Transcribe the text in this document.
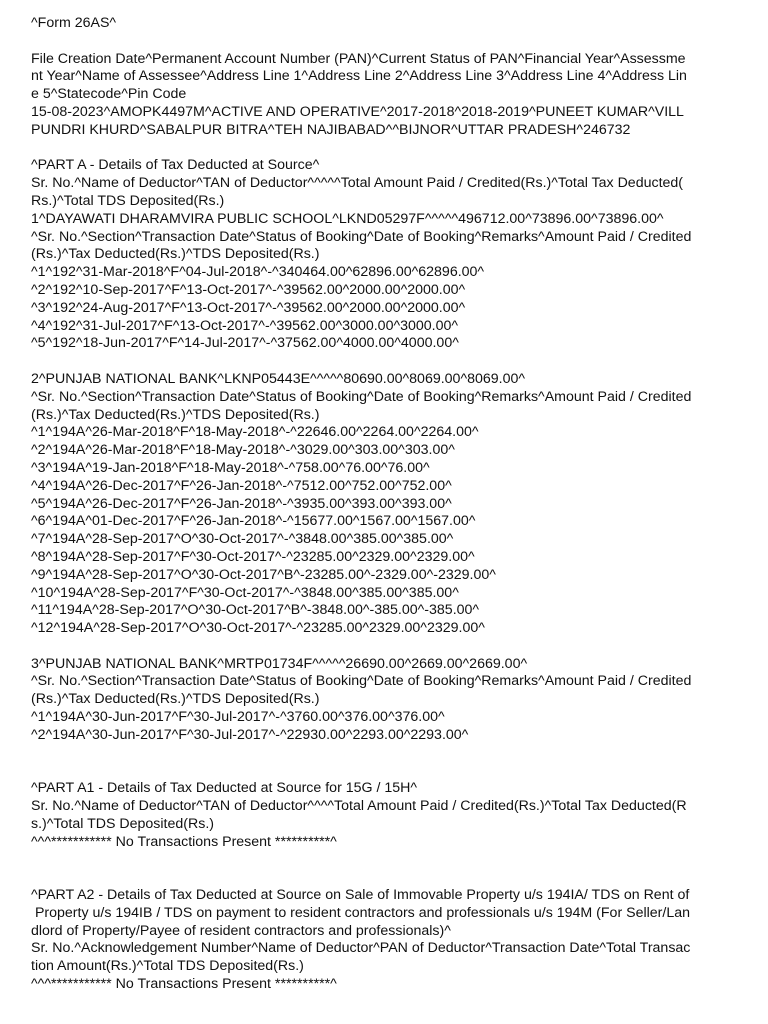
^Form 26AS^
File Creation Date^Permanent Account Number (PAN)^Current Status of PAN^Financial Year^Assessme
nt Year^Name of Assessee^Address Line 1^Address Line 2^Address Line 3^Address Line 4^Address Lin
e 5^Statecode^Pin Code
15-08-2023^AMOPK4497M^ACTIVE AND OPERATIVE^2017-2018^2018-2019^PUNEET KUMAR^VILL
PUNDRI KHURD^SABALPUR BITRA^TEH NAJIBABAD^^BIJNOR^UTTAR PRADESH^246732
^PART A - Details of Tax Deducted at Source^
Sr. No.^Name of Deductor^TAN of Deductor^^^^^Total Amount Paid / Credited(Rs.)^Total Tax Deducted(
Rs.)^Total TDS Deposited(Rs.)
1^DAYAWATI DHARAMVIRA PUBLIC SCHOOL^LKND05297F^^^^^496712.00^73896.00^73896.00^
^Sr. No.^Section^Transaction Date^Status of Booking^Date of Booking^Remarks^Amount Paid / Credited
(Rs.)^Tax Deducted(Rs.)^TDS Deposited(Rs.)
^1^192^31-Mar-2018^F^04-Jul-2018^-^340464.00^62896.00^62896.00^
^2^192^10-Sep-2017^F^13-Oct-2017^-^39562.00^2000.00^2000.00^
^3^192^24-Aug-2017^F^13-Oct-2017^-^39562.00^2000.00^2000.00^
^4^192^31-Jul-2017^F^13-Oct-2017^-^39562.00^3000.00^3000.00^
^5^192^18-Jun-2017^F^14-Jul-2017^-^37562.00^4000.00^4000.00^
2^PUNJAB NATIONAL BANK^LKNP05443E^^^^^80690.00^8069.00^8069.00^
^Sr. No.^Section^Transaction Date^Status of Booking^Date of Booking^Remarks^Amount Paid / Credited
(Rs.)^Tax Deducted(Rs.)^TDS Deposited(Rs.)
^1^194A^26-Mar-2018^F^18-May-2018^-^22646.00^2264.00^2264.00^
^2^194A^26-Mar-2018^F^18-May-2018^-^3029.00^303.00^303.00^
^3^194A^19-Jan-2018^F^18-May-2018^-^758.00^76.00^76.00^
^4^194A^26-Dec-2017^F^26-Jan-2018^-^7512.00^752.00^752.00^
^5^194A^26-Dec-2017^F^26-Jan-2018^-^3935.00^393.00^393.00^
^6^194A^01-Dec-2017^F^26-Jan-2018^-^15677.00^1567.00^1567.00^
^7^194A^28-Sep-2017^O^30-Oct-2017^-^3848.00^385.00^385.00^
^8^194A^28-Sep-2017^F^30-Oct-2017^-^23285.00^2329.00^2329.00^
^9^194A^28-Sep-2017^O^30-Oct-2017^B^-23285.00^-2329.00^-2329.00^
^10^194A^28-Sep-2017^F^30-Oct-2017^-^3848.00^385.00^385.00^
^11^194A^28-Sep-2017^O^30-Oct-2017^B^-3848.00^-385.00^-385.00^
^12^194A^28-Sep-2017^O^30-Oct-2017^-^23285.00^2329.00^2329.00^
3^PUNJAB NATIONAL BANK^MRTP01734F^^^^^26690.00^2669.00^2669.00^
^Sr. No.^Section^Transaction Date^Status of Booking^Date of Booking^Remarks^Amount Paid / Credited
(Rs.)^Tax Deducted(Rs.)^TDS Deposited(Rs.)
^1^194A^30-Jun-2017^F^30-Jul-2017^-^3760.00^376.00^376.00^
^2^194A^30-Jun-2017^F^30-Jul-2017^-^22930.00^2293.00^2293.00^
^PART A1 - Details of Tax Deducted at Source for 15G / 15H^
Sr. No.^Name of Deductor^TAN of Deductor^^^^Total Amount Paid / Credited(Rs.)^Total Tax Deducted(R
s.)^Total TDS Deposited(Rs.)
^^^*********** No Transactions Present **********^
^PART A2 - Details of Tax Deducted at Source on Sale of Immovable Property u/s 194IA/ TDS on Rent of
Property u/s 194IB / TDS on payment to resident contractors and professionals u/s 194M (For Seller/Lan
dlord of Property/Payee of resident contractors and professionals)^
Sr. No.^Acknowledgement Number^Name of Deductor^PAN of Deductor^Transaction Date^Total Transac
tion Amount(Rs.)^Total TDS Deposited(Rs.)
^^^*********** No Transactions Present **********^
